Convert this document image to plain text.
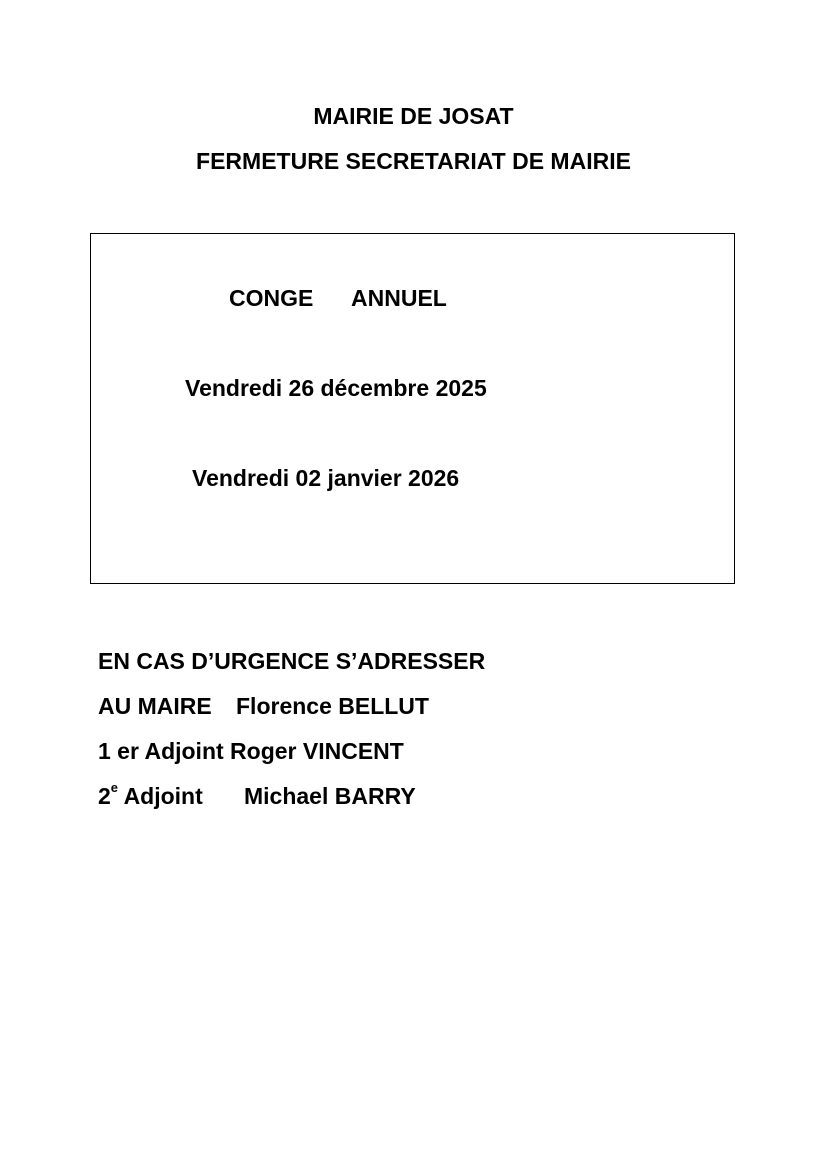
MAIRIE DE JOSAT
FERMETURE SECRETARIAT DE MAIRIE
CONGE ANNUEL
Vendredi 26 décembre 2025
Vendredi 02 janvier 2026
EN CAS D’URGENCE S’ADRESSER
AU MAIRE Florence BELLUT
1 er Adjoint Roger VINCENT
2e Adjoint Michael BARRY
